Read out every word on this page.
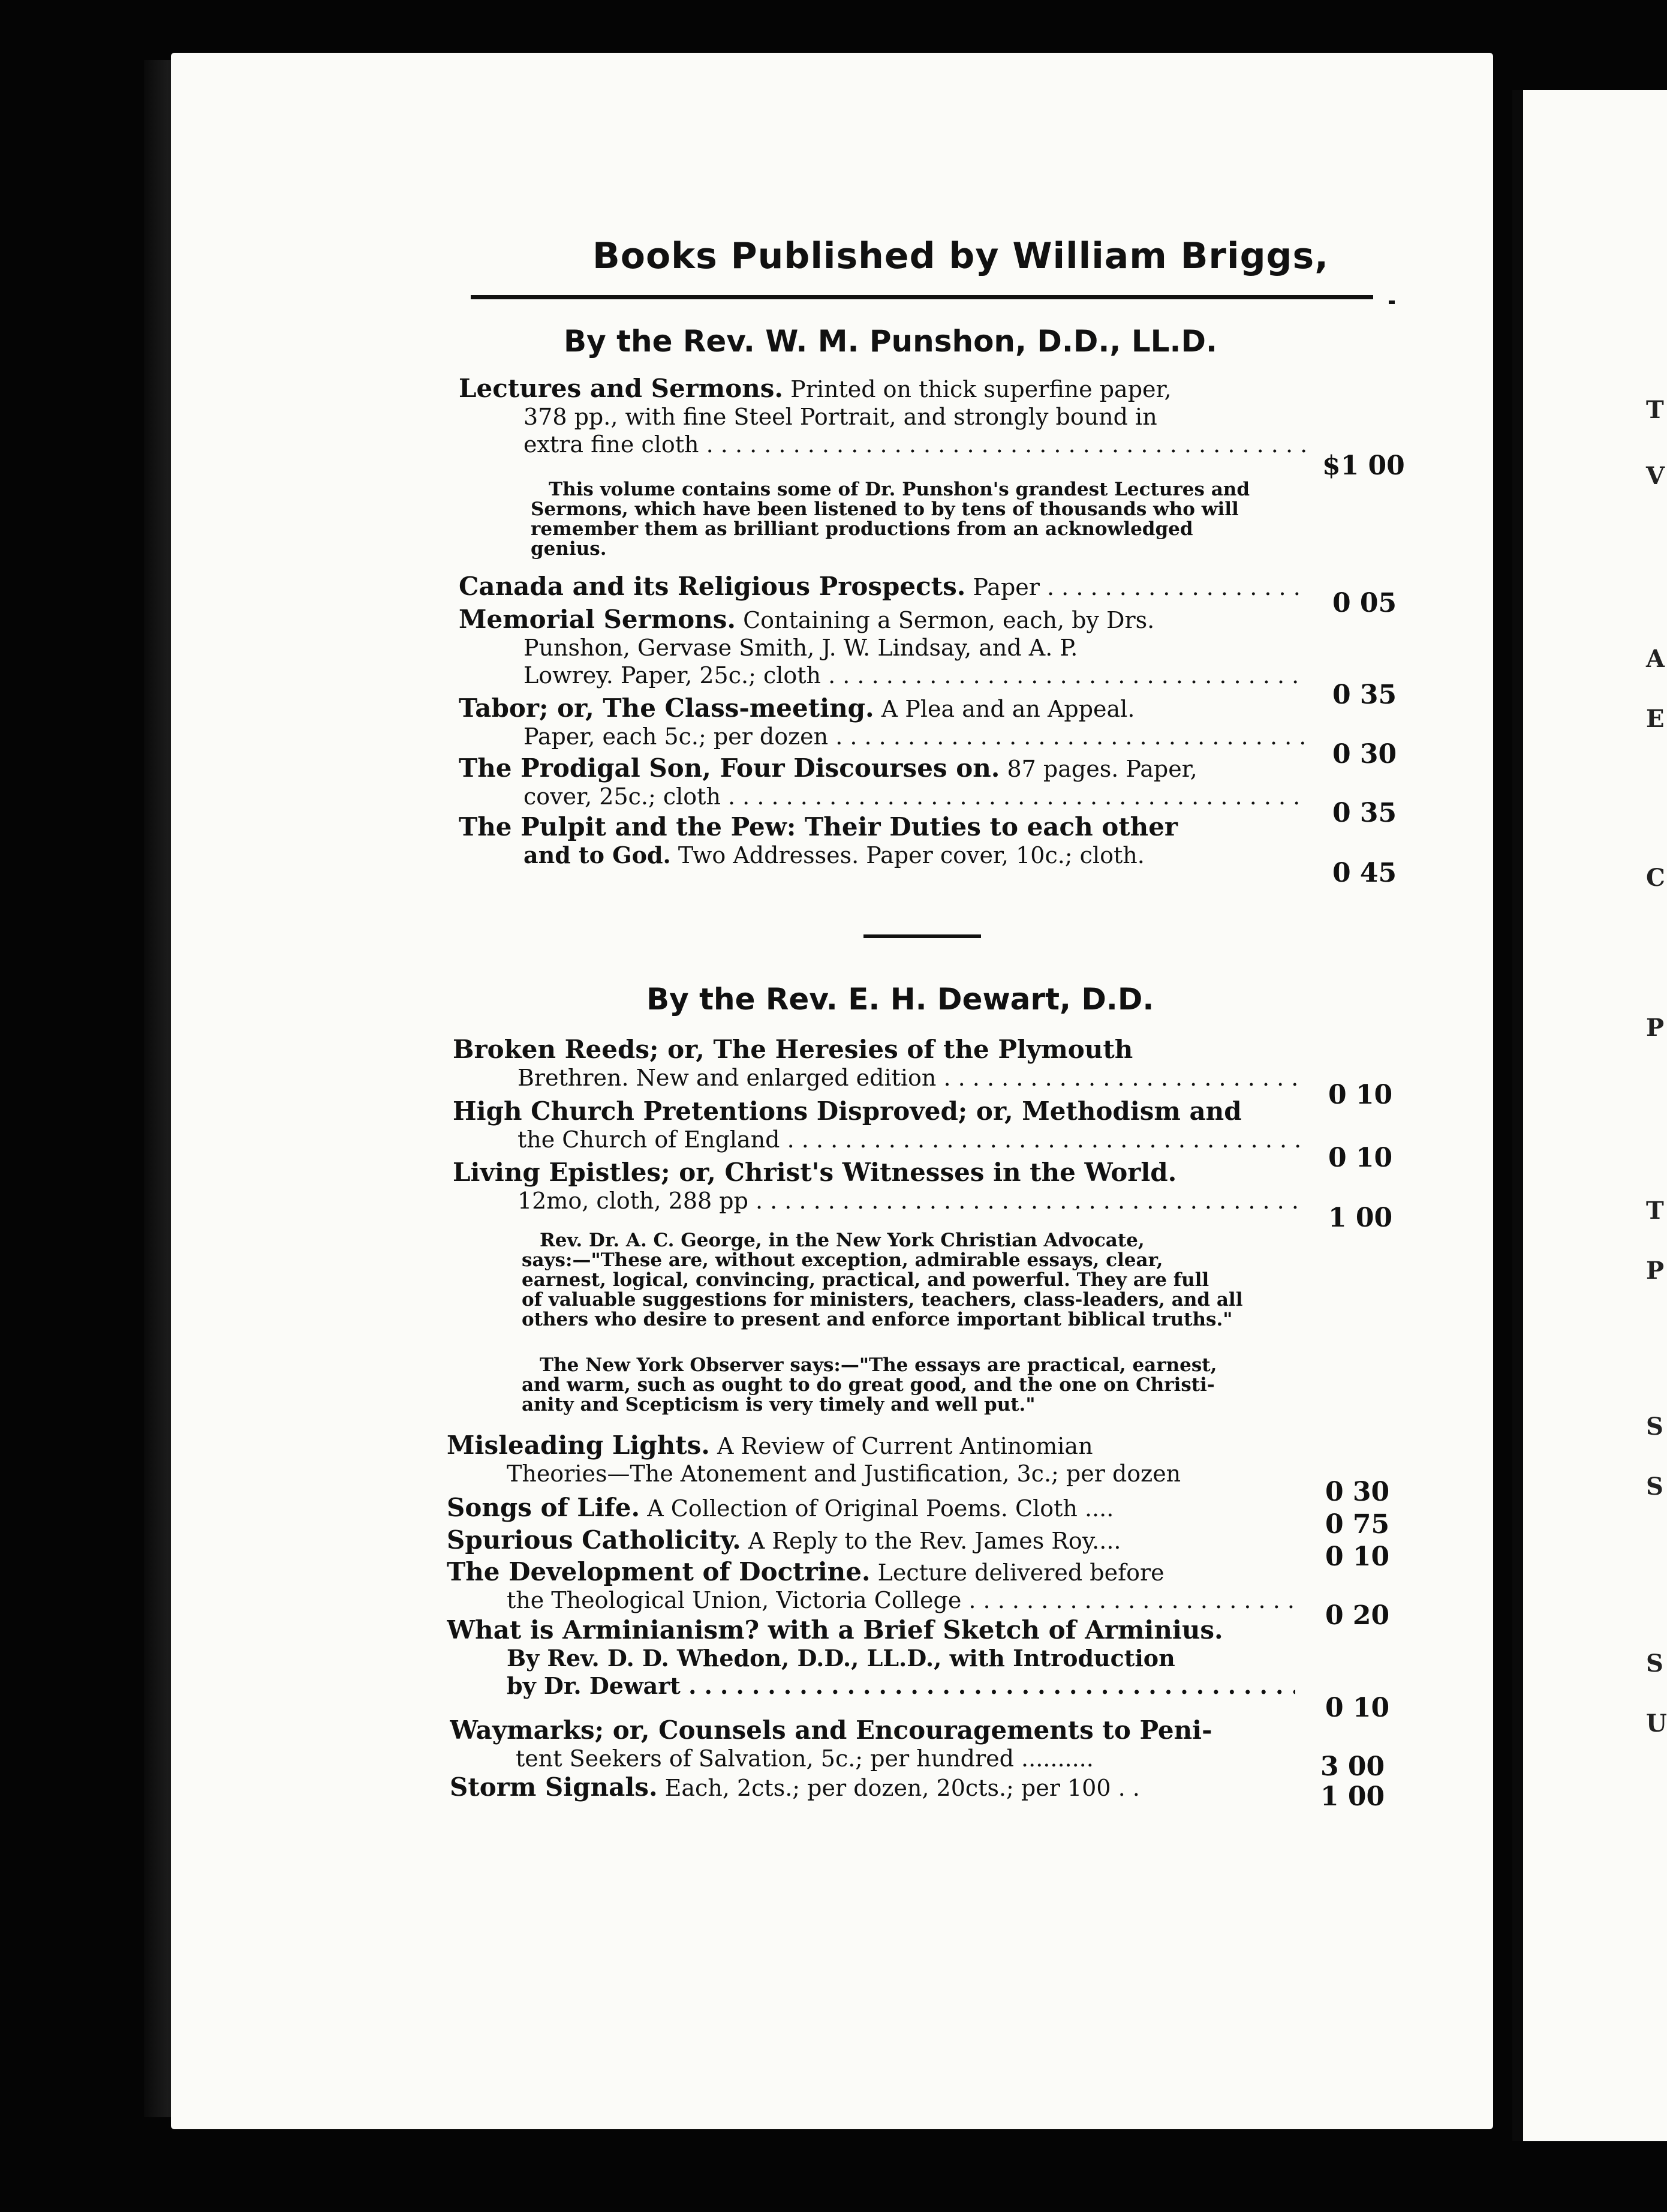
T
V
A
E
C
P
T
P
S
S
S
U
Books Published by William Briggs,
By the Rev. W. M. Punshon, D.D., LL.D.
Lectures and Sermons. Printed on thick superfine paper,
378 pp., with fine Steel Portrait, and strongly bound in
extra fine cloth . . .
$1 00
This volume contains some of Dr. Punshon's grandest Lectures and
Sermons, which have been listened to by tens of thousands who will
remember them as brilliant productions from an acknowledged
genius.
Canada and its Religious Prospects. Paper . . .
0 05
Memorial Sermons. Containing a Sermon, each, by Drs.
Punshon, Gervase Smith, J. W. Lindsay, and A. P.
Lowrey. Paper, 25c.; cloth . . .
0 35
Tabor; or, The Class-meeting. A Plea and an Appeal.
Paper, each 5c.; per dozen . . .
0 30
The Prodigal Son, Four Discourses on. 87 pages. Paper,
cover, 25c.; cloth . . .
0 35
The Pulpit and the Pew: Their Duties to each other
and to God. Two Addresses. Paper cover, 10c.; cloth.
0 45
By the Rev. E. H. Dewart, D.D.
Broken Reeds; or, The Heresies of the Plymouth
Brethren. New and enlarged edition . . .
0 10
High Church Pretentions Disproved; or, Methodism and
the Church of England . . .
0 10
Living Epistles; or, Christ's Witnesses in the World.
12mo, cloth, 288 pp . . .
1 00
Rev. Dr. A. C. George, in the New York Christian Advocate,
says:—"These are, without exception, admirable essays, clear,
earnest, logical, convincing, practical, and powerful. They are full
of valuable suggestions for ministers, teachers, class-leaders, and all
others who desire to present and enforce important biblical truths."
The New York Observer says:—"The essays are practical, earnest,
and warm, such as ought to do great good, and the one on Christi-
anity and Scepticism is very timely and well put."
Misleading Lights. A Review of Current Antinomian
Theories—The Atonement and Justification, 3c.; per dozen
0 30
Songs of Life. A Collection of Original Poems. Cloth ....
0 75
Spurious Catholicity. A Reply to the Rev. James Roy....
0 10
The Development of Doctrine. Lecture delivered before
the Theological Union, Victoria College . . .	0 20
What is Arminianism? with a Brief Sketch of Arminius.
By Rev. D. D. Whedon, D.D., LL.D., with Introduction
by Dr. Dewart . . .
0 10
Waymarks; or, Counsels and Encouragements to Peni-
tent Seekers of Salvation, 5c.; per hundred ..........	3 00
Storm Signals. Each, 2cts.; per dozen, 20cts.; per 100 . .	1 00
